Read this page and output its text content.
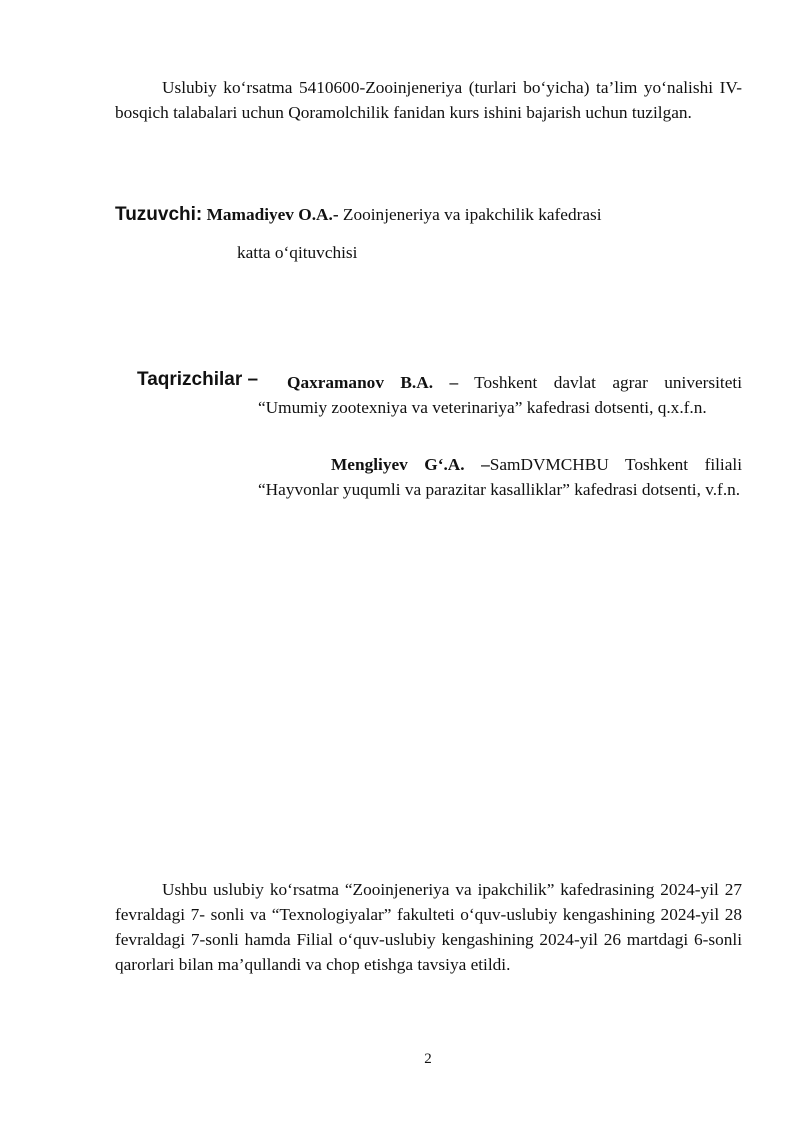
Uslubiy ko‘rsatma 5410600-Zooinjeneriya (turlari bo‘yicha) ta’lim yo‘nalishi IV-bosqich talabalari uchun Qoramolchilik fanidan kurs ishini bajarish uchun tuzilgan.

Tuzuvchi: Mamadiyev O.A.- Zooinjeneriya va ipakchilik kafedrasi
katta o‘qituvchisi
Taqrizchilar –	Qaxramanov B.A. – Toshkent davlat agrar universiteti “Umumiy zootexniya va veterinariya” kafedrasi dotsenti, q.x.f.n.

Mengliyev G‘.A. –SamDVMCHBU Toshkent filiali “Hayvonlar yuqumli va parazitar kasalliklar” kafedrasi dotsenti, v.f.n.

Ushbu uslubiy ko‘rsatma “Zooinjeneriya va ipakchilik” kafedrasining 2024-yil 27 fevraldagi 7- sonli va “Texnologiyalar” fakulteti o‘quv-uslubiy kengashining 2024-yil 28 fevraldagi 7-sonli hamda Filial o‘quv-uslubiy kengashining 2024-yil 26 martdagi 6-sonli qarorlari bilan ma’qullandi va chop etishga tavsiya etildi.

2
